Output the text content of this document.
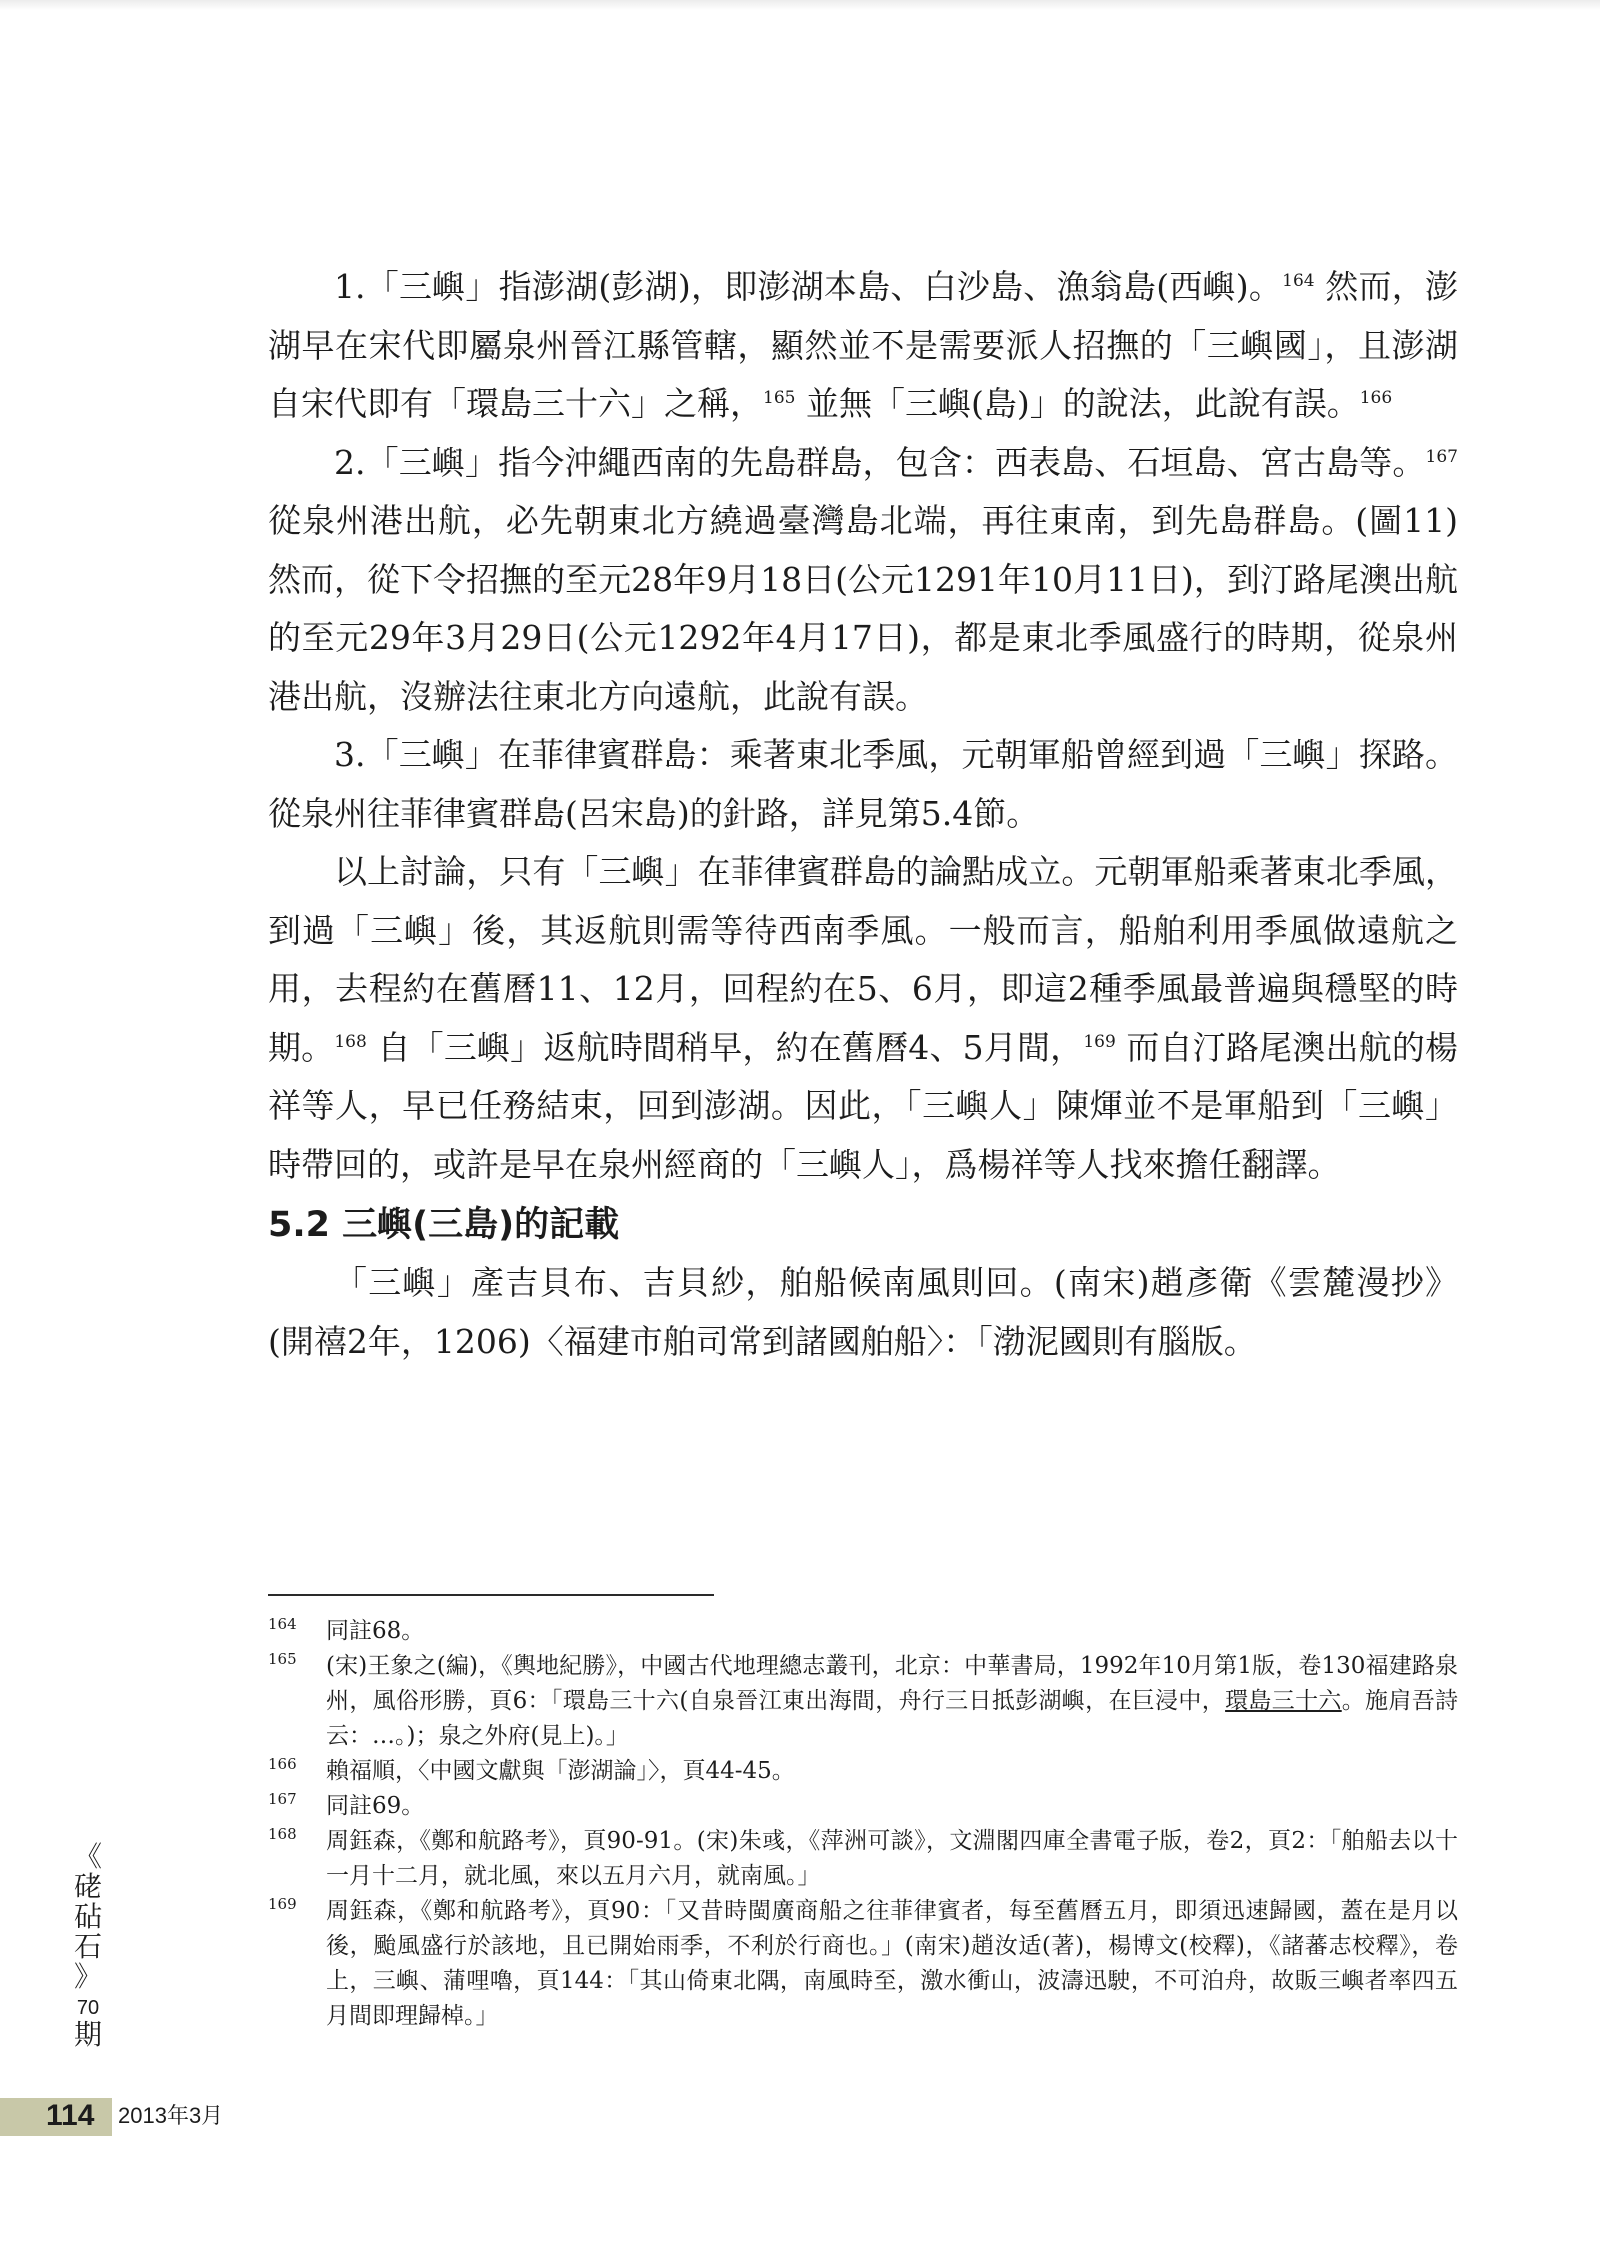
1.「三嶼」指澎湖(彭湖)，即澎湖本島、白沙島、漁翁島(西嶼)。$^{164}$ 然而，澎湖早在宋代即屬泉州晉江縣管轄，顯然並不是需要派人招撫的「三嶼國」，且澎湖自宋代即有「環島三十六」之稱，$^{165}$ 並無「三嶼(島)」的說法，此說有誤。$^{166}$

2.「三嶼」指今沖繩西南的先島群島，包含：西表島、石垣島、宮古島等。$^{167}$從泉州港出航，必先朝東北方繞過臺灣島北端，再往東南，到先島群島。(圖11) 然而，從下令招撫的至元28年9月18日(公元1291年10月11日)，到汀路尾澳出航的至元29年3月29日(公元1292年4月17日)，都是東北季風盛行的時期，從泉州港出航，沒辦法往東北方向遠航，此說有誤。

3.「三嶼」在菲律賓群島：乘著東北季風，元朝軍船曾經到過「三嶼」探路。從泉州往菲律賓群島(呂宋島)的針路，詳見第5.4節。

以上討論，只有「三嶼」在菲律賓群島的論點成立。元朝軍船乘著東北季風，到過「三嶼」後，其返航則需等待西南季風。一般而言，船舶利用季風做遠航之用，去程約在舊曆11、12月，回程約在5、6月，即這2種季風最普遍與穩堅的時期。$^{168}$ 自「三嶼」返航時間稍早，約在舊曆4、5月間，$^{169}$ 而自汀路尾澳出航的楊祥等人，早已任務結束，回到澎湖。因此，「三嶼人」陳煇並不是軍船到「三嶼」時帶回的，或許是早在泉州經商的「三嶼人」，爲楊祥等人找來擔任翻譯。

5.2 三嶼(三島)的記載

「三嶼」產吉貝布、吉貝紗，舶船候南風則回。(南宋)趙彥衛《雲麓漫抄》(開禧2年，1206)〈福建市舶司常到諸國舶船〉：「渤泥國則有腦版。

164	同註68。
165	(宋)王象之(編)，《輿地紀勝》，中國古代地理總志叢刊，北京：中華書局，1992年10月第1版，卷130福建路泉州，風俗形勝，頁6：「環島三十六(自泉晉江東出海間，舟行三日抵彭湖嶼，在巨浸中，環島三十六。施肩吾詩云：…。)；泉之外府(見上)。」
166	賴福順，〈中國文獻與「澎湖論」〉，頁44-45。
167	同註69。
168	周鈺森，《鄭和航路考》，頁90-91。(宋)朱彧，《萍洲可談》，文淵閣四庫全書電子版，卷2，頁2：「舶船去以十一月十二月，就北風，來以五月六月，就南風。」
169	周鈺森，《鄭和航路考》，頁90：「又昔時閩廣商船之往菲律賓者，每至舊曆五月，即須迅速歸國，蓋在是月以後，颱風盛行於該地，且已開始雨季，不利於行商也。」(南宋)趙汝适(著)，楊博文(校釋)，《諸蕃志校釋》，卷上，三嶼、蒲哩嚕，頁144：「其山倚東北隅，南風時至，激水衝山，波濤迅駛，不可泊舟，故販三嶼者率四五月間即理歸棹。」
《
硓
砧
石
》
70
期
114 2013年3月
